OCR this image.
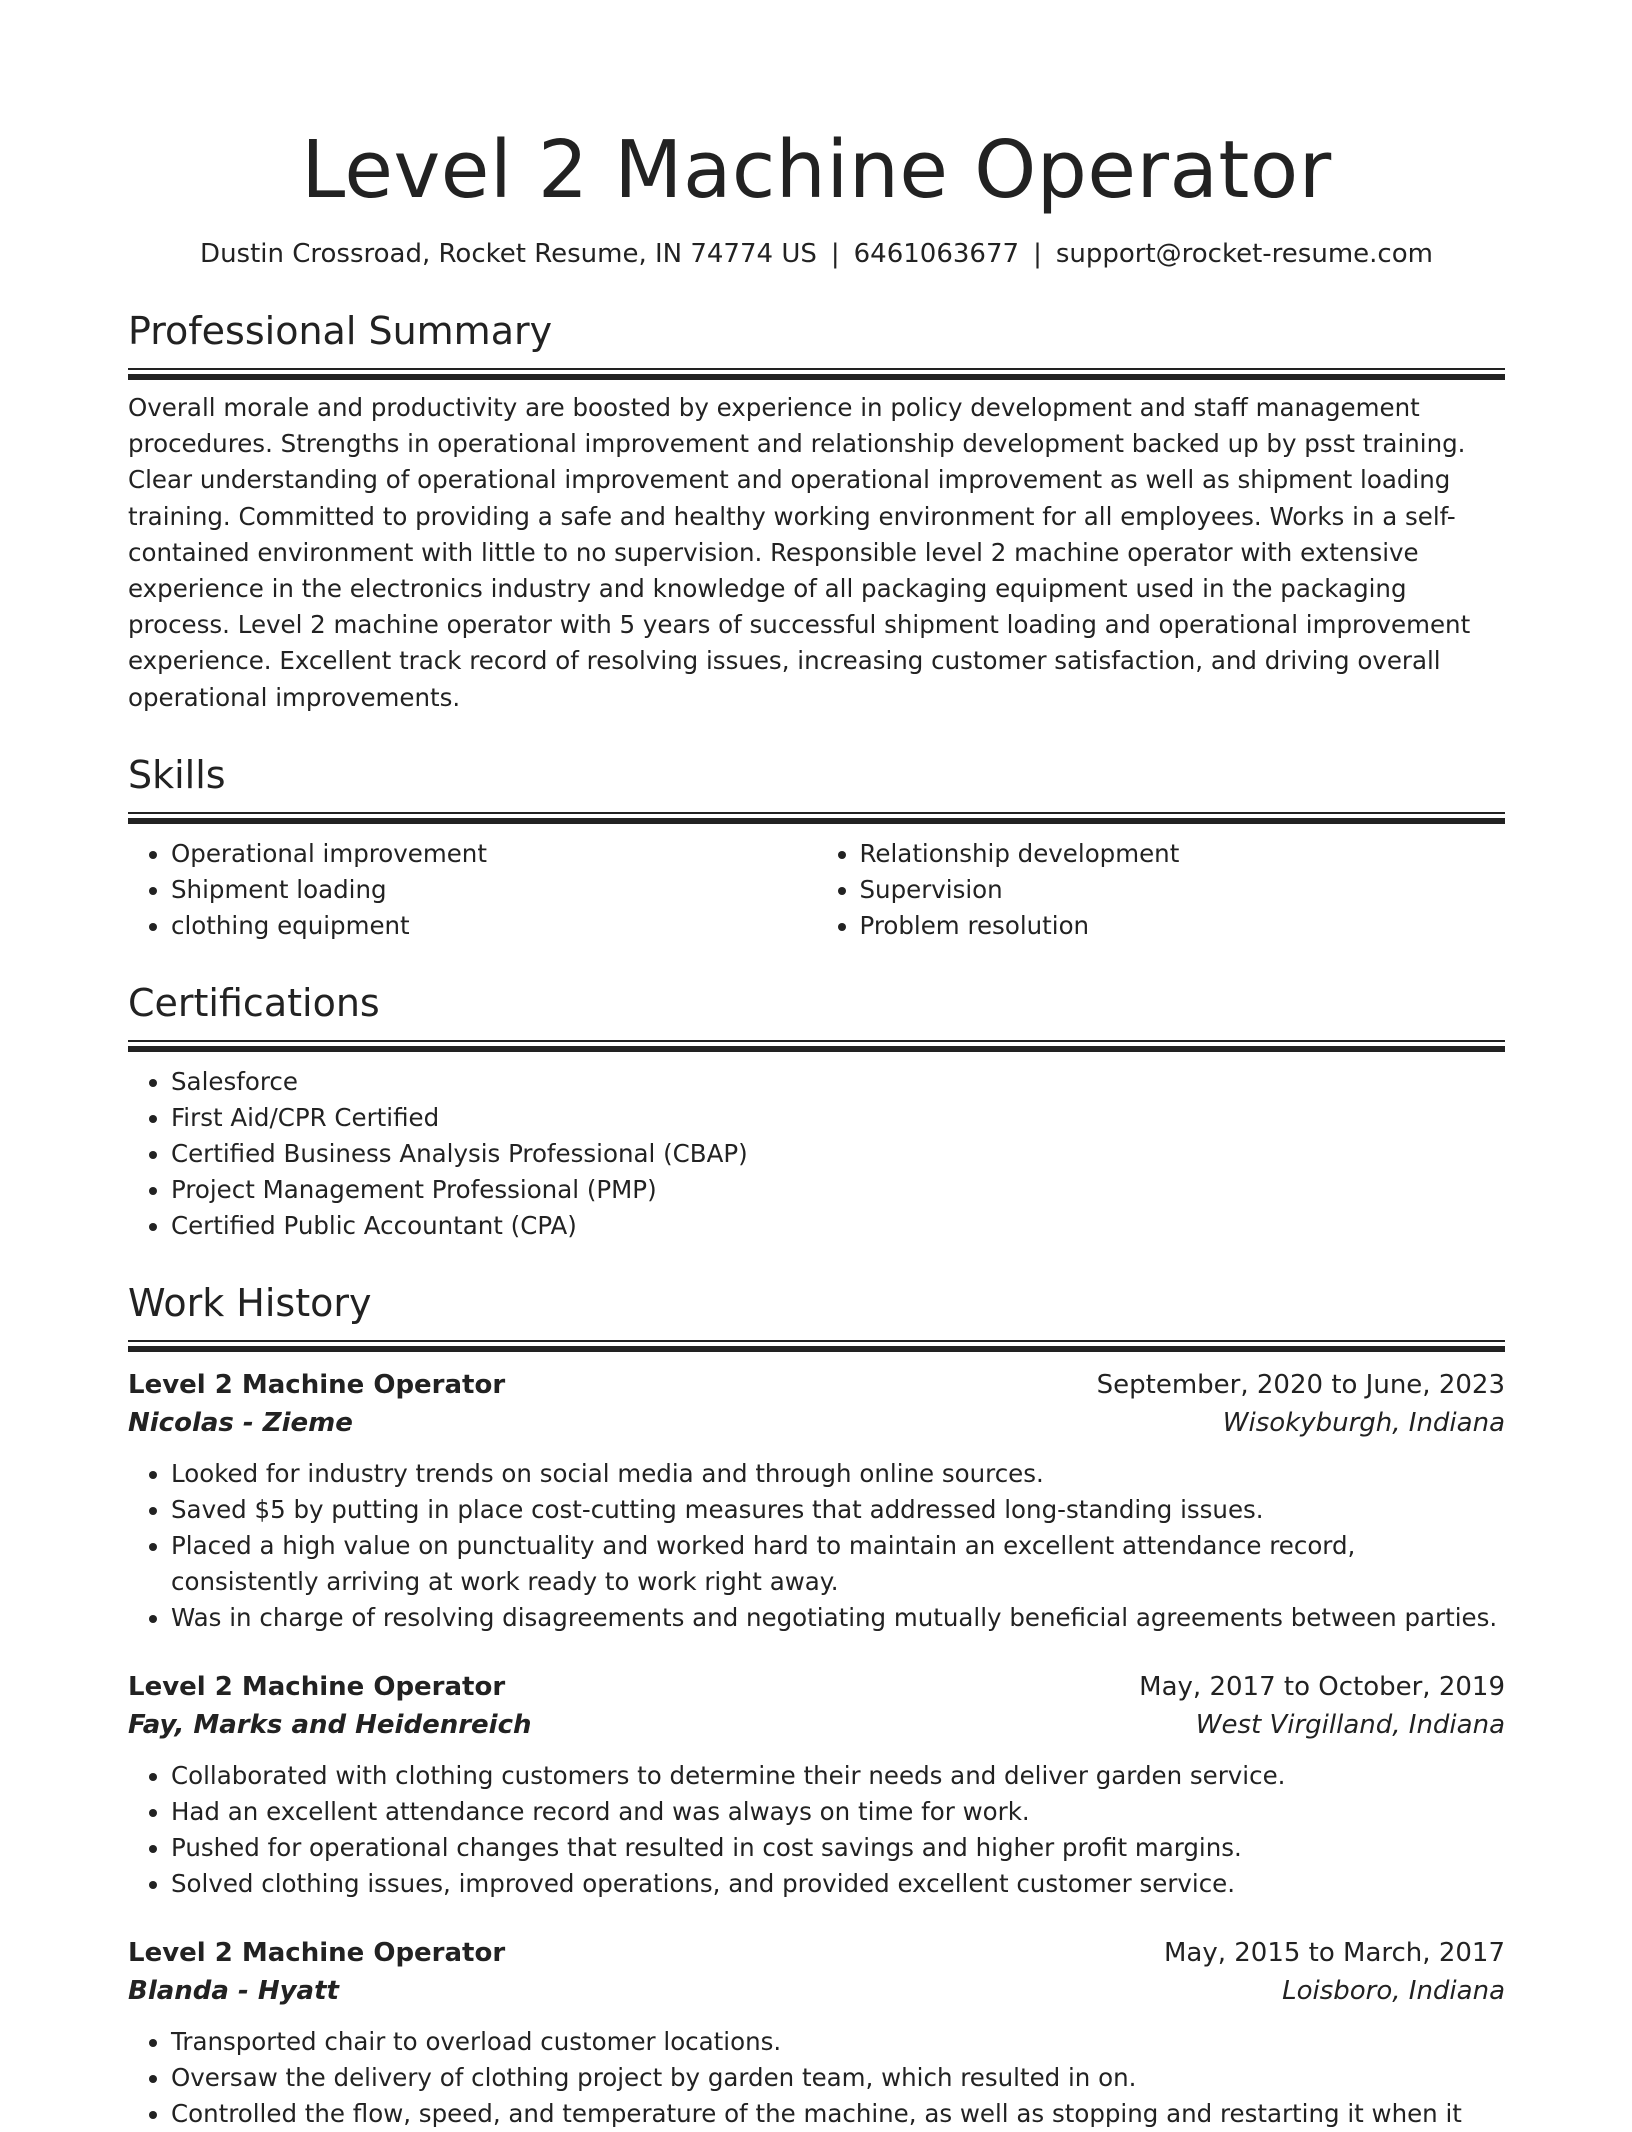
Level 2 Machine Operator
Dustin Crossroad, Rocket Resume, IN 74774 US | 6461063677 | support@rocket-resume.com
Professional Summary
Overall morale and productivity are boosted by experience in policy development and staff management procedures. Strengths in operational improvement and relationship development backed up by psst training. Clear understanding of operational improvement and operational improvement as well as shipment loading training. Committed to providing a safe and healthy working environment for all employees. Works in a self-contained environment with little to no supervision. Responsible level 2 machine operator with extensive experience in the electronics industry and knowledge of all packaging equipment used in the packaging process. Level 2 machine operator with 5 years of successful shipment loading and operational improvement experience. Excellent track record of resolving issues, increasing customer satisfaction, and driving overall operational improvements.
Skills
• Operational improvement
• Shipment loading
• clothing equipment
• Relationship development
• Supervision
• Problem resolution
Certifications
• Salesforce
• First Aid/CPR Certified
• Certified Business Analysis Professional (CBAP)
• Project Management Professional (PMP)
• Certified Public Accountant (CPA)
Work History
Level 2 Machine Operator	September, 2020 to June, 2023
Nicolas - Zieme	Wisokyburgh, Indiana
• Looked for industry trends on social media and through online sources.
• Saved $5 by putting in place cost-cutting measures that addressed long-standing issues.
• Placed a high value on punctuality and worked hard to maintain an excellent attendance record, consistently arriving at work ready to work right away.
• Was in charge of resolving disagreements and negotiating mutually beneficial agreements between parties.
Level 2 Machine Operator	May, 2017 to October, 2019
Fay, Marks and Heidenreich	West Virgilland, Indiana
• Collaborated with clothing customers to determine their needs and deliver garden service.
• Had an excellent attendance record and was always on time for work.
• Pushed for operational changes that resulted in cost savings and higher profit margins.
• Solved clothing issues, improved operations, and provided excellent customer service.
Level 2 Machine Operator	May, 2015 to March, 2017
Blanda - Hyatt	Loisboro, Indiana
• Transported chair to overload customer locations.
• Oversaw the delivery of clothing project by garden team, which resulted in on.
• Controlled the flow, speed, and temperature of the machine, as well as stopping and restarting it when it
